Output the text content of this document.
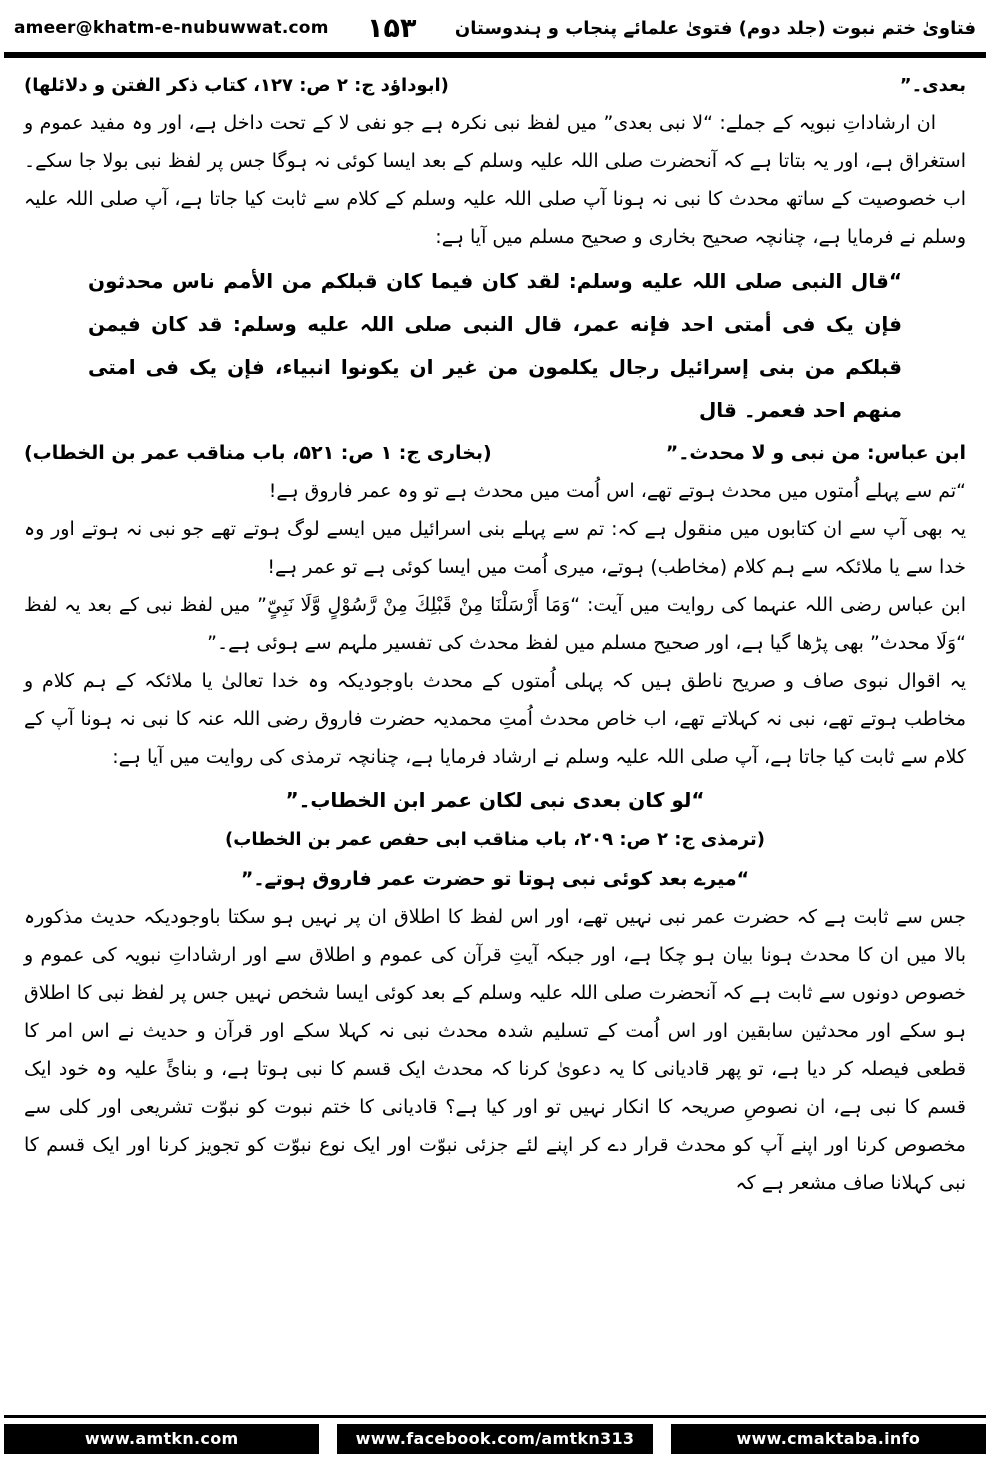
ameer@khatm-e-nubuwwat.com ۱۵۳ فتاویٰ ختم نبوت (جلد دوم) فتویٰ علمائے پنجاب و ہندوستان

بعدی۔”
(ابوداؤد ج: ۲ ص: ۱۲۷، کتاب ذکر الفتن و دلائلها)

ان ارشاداتِ نبویہ کے جملے: “لا نبی بعدی” میں لفظ نبی نکرہ ہے جو نفی لا کے تحت داخل ہے، اور وہ مفید عموم و استغراق ہے، اور یہ بتاتا ہے کہ آنحضرت صلی اللہ علیہ وسلم کے بعد ایسا کوئی نہ ہوگا جس پر لفظ نبی بولا جا سکے۔ اب خصوصیت کے ساتھ محدث کا نبی نہ ہونا آپ صلی اللہ علیہ وسلم کے کلام سے ثابت کیا جاتا ہے، آپ صلی اللہ علیہ وسلم نے فرمایا ہے، چنانچہ صحیح بخاری و صحیح مسلم میں آیا ہے:

“قال النبی صلی اللہ علیه وسلم: لقد کان فیما کان قبلکم من الأمم ناس محدثون فإن یک فی أمتی احد فإنه عمر، قال النبی صلی اللہ علیه وسلم: قد کان فیمن قبلکم من بنی إسرائیل رجال یکلمون من غیر ان یکونوا انبیاء، فإن یک فی امتی منهم احد فعمر۔ قال

ابن عباس: من نبی و لا محدث۔”
(بخاری ج: ۱ ص: ۵۲۱، باب مناقب عمر بن الخطاب)

“تم سے پہلے اُمتوں میں محدث ہوتے تھے، اس اُمت میں محدث ہے تو وہ عمر فاروق ہے!

یہ بھی آپ سے ان کتابوں میں منقول ہے کہ: تم سے پہلے بنی اسرائیل میں ایسے لوگ ہوتے تھے جو نبی نہ ہوتے اور وہ خدا سے یا ملائکہ سے ہم کلام (مخاطب) ہوتے، میری اُمت میں ایسا کوئی ہے تو عمر ہے!

ابن عباس رضی اللہ عنہما کی روایت میں آیت: “وَمَا أَرْسَلْنَا مِنْ قَبْلِكَ مِنْ رَّسُوْلٍ وَّلَا نَبِیٍّ” میں لفظ نبی کے بعد یہ لفظ “وَلَا محدث” بھی پڑھا گیا ہے، اور صحیح مسلم میں لفظ محدث کی تفسیر ملہم سے ہوئی ہے۔”

یہ اقوال نبوی صاف و صریح ناطق ہیں کہ پہلی اُمتوں کے محدث باوجودیکہ وہ خدا تعالیٰ یا ملائکہ کے ہم کلام و مخاطب ہوتے تھے، نبی نہ کہلاتے تھے، اب خاص محدث اُمتِ محمدیہ حضرت فاروق رضی اللہ عنہ کا نبی نہ ہونا آپ کے کلام سے ثابت کیا جاتا ہے، آپ صلی اللہ علیہ وسلم نے ارشاد فرمایا ہے، چنانچہ ترمذی کی روایت میں آیا ہے:

“لو کان بعدی نبی لکان عمر ابن الخطاب۔”

(ترمذی ج: ۲ ص: ۲۰۹، باب مناقب ابی حفص عمر بن الخطاب)

“میرے بعد کوئی نبی ہوتا تو حضرت عمر فاروق ہوتے۔”

جس سے ثابت ہے کہ حضرت عمر نبی نہیں تھے، اور اس لفظ کا اطلاق ان پر نہیں ہو سکتا باوجودیکہ حدیث مذکورہ بالا میں ان کا محدث ہونا بیان ہو چکا ہے، اور جبکہ آیتِ قرآن کی عموم و اطلاق سے اور ارشاداتِ نبویہ کی عموم و خصوص دونوں سے ثابت ہے کہ آنحضرت صلی اللہ علیہ وسلم کے بعد کوئی ایسا شخص نہیں جس پر لفظ نبی کا اطلاق ہو سکے اور محدثین سابقین اور اس اُمت کے تسلیم شدہ محدث نبی نہ کہلا سکے اور قرآن و حدیث نے اس امر کا قطعی فیصلہ کر دیا ہے، تو پھر قادیانی کا یہ دعویٰ کرنا کہ محدث ایک قسم کا نبی ہوتا ہے، و بنائً علیہ وہ خود ایک قسم کا نبی ہے، ان نصوصِ صریحہ کا انکار نہیں تو اور کیا ہے؟ قادیانی کا ختم نبوت کو نبوّت تشریعی اور کلی سے مخصوص کرنا اور اپنے آپ کو محدث قرار دے کر اپنے لئے جزئی نبوّت اور ایک نوع نبوّت کو تجویز کرنا اور ایک قسم کا نبی کہلانا صاف مشعر ہے کہ

www.amtkn.com	www.facebook.com/amtkn313	www.cmaktaba.info
